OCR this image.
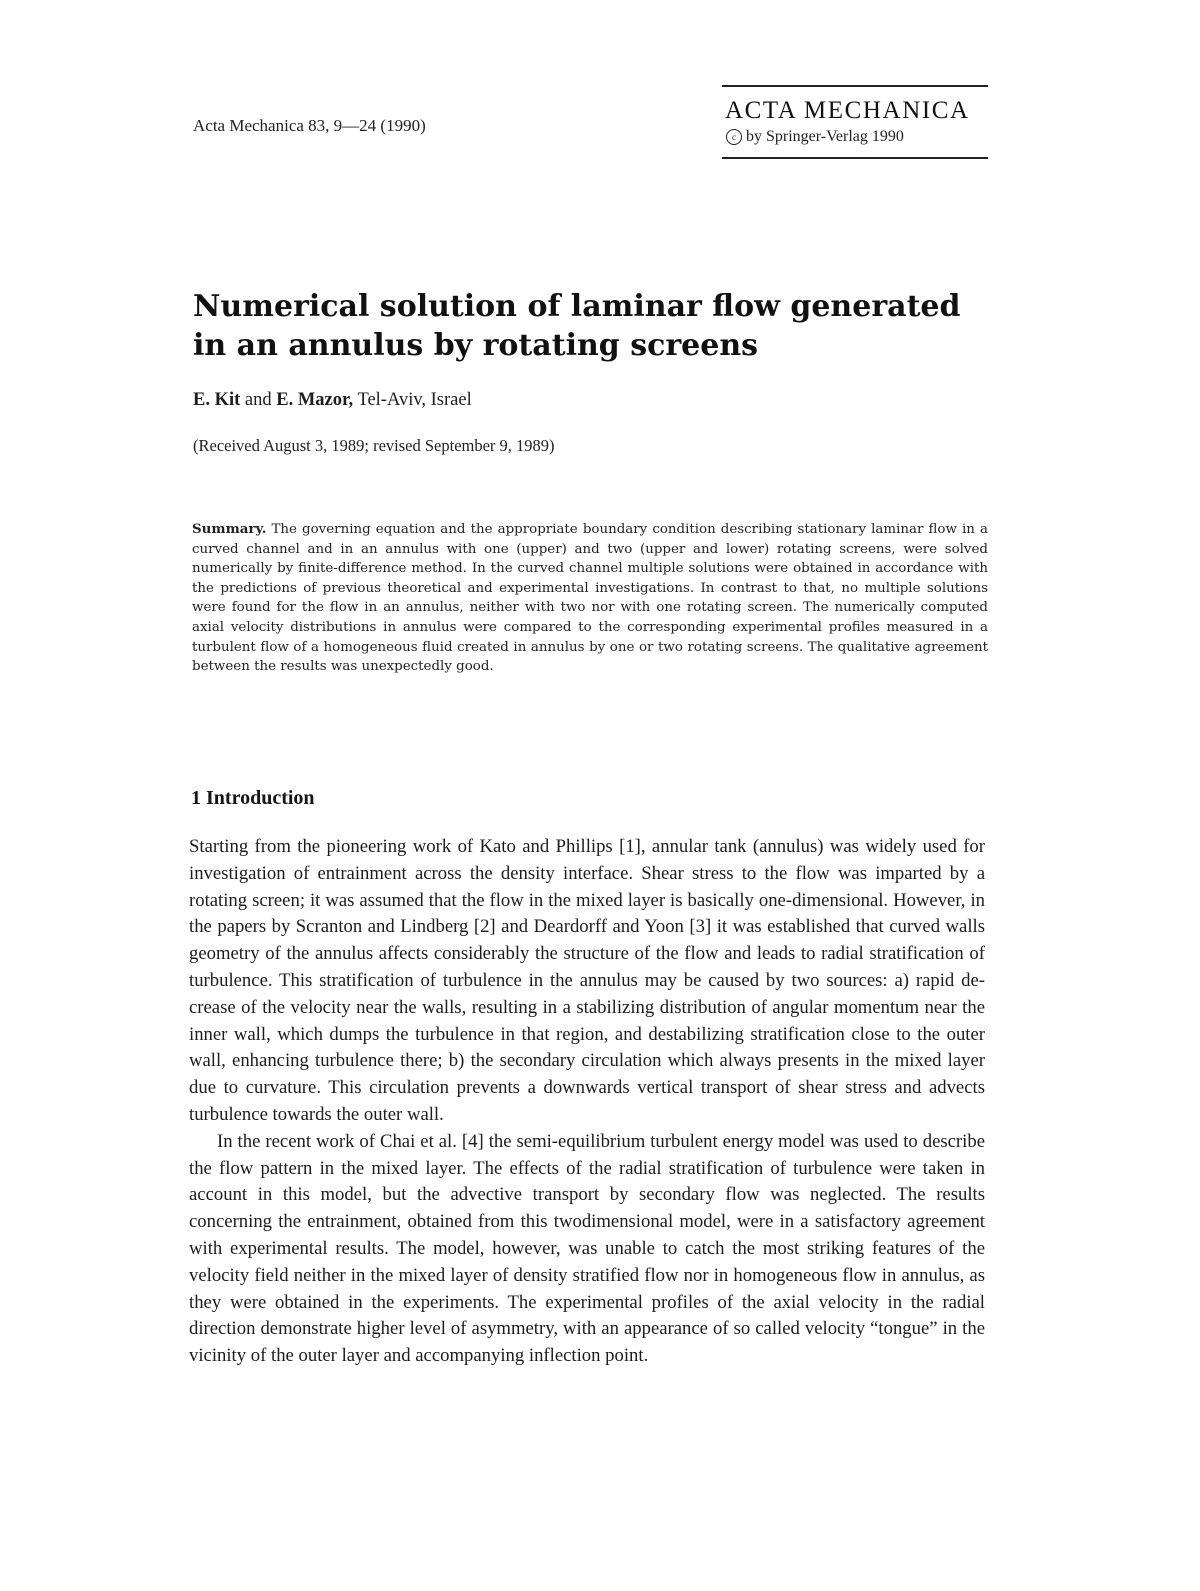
Acta Mechanica 83, 9—24 (1990)
ACTA MECHANICA
c by Springer-Verlag 1990
Numerical solution of laminar flow generated
in an annulus by rotating screens
E. Kit and E. Mazor, Tel-Aviv, Israel
(Received August 3, 1989; revised September 9, 1989)

Summary. The governing equation and the appropriate boundary condition describing stationary laminar flow in a curved channel and in an annulus with one (upper) and two (upper and lower) rotating screens, were solved numerically by finite-difference method. In the curved channel multiple solutions were obtained in accordance with the predictions of previous theoretical and experimental investigations. In contrast to that, no multiple solutions were found for the flow in an annulus, neither with two nor with one rotating screen. The numerically computed axial velocity distributions in annulus were compared to the corresponding experimental profiles measured in a turbulent flow of a homogeneous fluid created in annulus by one or two rotating screens. The qualitative agreement between the results was unexpectedly good.

1 Introduction

Starting from the pioneering work of Kato and Phillips [1], annular tank (annulus) was widely used for investigation of entrainment across the density interface. Shear stress to the flow was imparted by a rotating screen; it was assumed that the flow in the mixed layer is basically one-dimensional. However, in the papers by Scranton and Lindberg [2] and Deardorff and Yoon [3] it was established that curved walls geometry of the annulus affects considerably the structure of the flow and leads to radial stratification of turbulence. This stratification of turbulence in the annulus may be caused by two sources: a) rapid decrease of the velocity near the walls, resulting in a stabilizing distribution of angular momentum near the inner wall, which dumps the turbulence in that region, and destabilizing stratification close to the outer wall, enhancing turbulence there; b) the secondary circulation which always presents in the mixed layer due to curvature. This circulation prevents a downwards vertical transport of shear stress and advects turbulence towards the outer wall.

In the recent work of Chai et al. [4] the semi-equilibrium turbulent energy model was used to describe the flow pattern in the mixed layer. The effects of the radial stratification of turbulence were taken in account in this model, but the advective transport by secondary flow was neglected. The results concerning the entrainment, obtained from this twodimensional model, were in a satisfactory agreement with experimental results. The model, however, was unable to catch the most striking features of the velocity field neither in the mixed layer of density stratified flow nor in homogeneous flow in annulus, as they were obtained in the experiments. The experimental profiles of the axial velocity in the radial direction demonstrate higher level of asymmetry, with an appearance of so called velocity “tongue” in the vicinity of the outer layer and accompanying inflection point.
